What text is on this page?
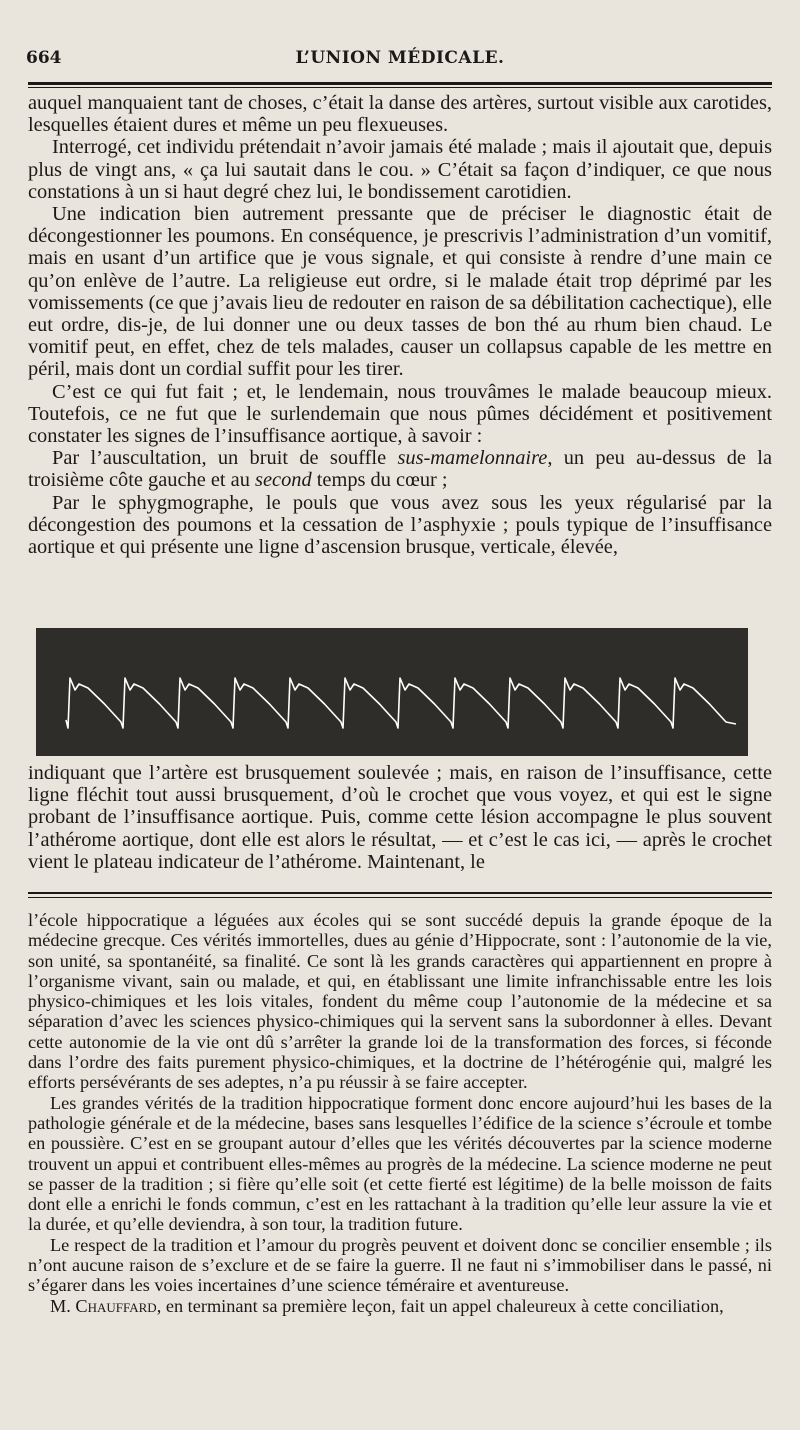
664	L’UNION MÉDICALE.

auquel manquaient tant de choses, c’était la danse des artères, surtout visible aux carotides, lesquelles étaient dures et même un peu flexueuses.

Interrogé, cet individu prétendait n’avoir jamais été malade ; mais il ajoutait que, depuis plus de vingt ans, « ça lui sautait dans le cou. » C’était sa façon d’indiquer, ce que nous constations à un si haut degré chez lui, le bondissement carotidien.

Une indication bien autrement pressante que de préciser le diagnostic était de décongestionner les poumons. En conséquence, je prescrivis l’administration d’un vomitif, mais en usant d’un artifice que je vous signale, et qui consiste à rendre d’une main ce qu’on enlève de l’autre. La religieuse eut ordre, si le malade était trop déprimé par les vomissements (ce que j’avais lieu de redouter en raison de sa débilitation cachectique), elle eut ordre, dis-je, de lui donner une ou deux tasses de bon thé au rhum bien chaud. Le vomitif peut, en effet, chez de tels malades, causer un collapsus capable de les mettre en péril, mais dont un cordial suffit pour les tirer.

C’est ce qui fut fait ; et, le lendemain, nous trouvâmes le malade beaucoup mieux. Toutefois, ce ne fut que le surlendemain que nous pûmes décidément et positivement constater les signes de l’insuffisance aortique, à savoir :

Par l’auscultation, un bruit de souffle sus-mamelonnaire, un peu au-dessus de la troisième côte gauche et au second temps du cœur ;

Par le sphygmographe, le pouls que vous avez sous les yeux régularisé par la décongestion des poumons et la cessation de l’asphyxie ; pouls typique de l’insuffisance aortique et qui présente une ligne d’ascension brusque, verticale, élevée,

indiquant que l’artère est brusquement soulevée ; mais, en raison de l’insuffisance, cette ligne fléchit tout aussi brusquement, d’où le crochet que vous voyez, et qui est le signe probant de l’insuffisance aortique. Puis, comme cette lésion accompagne le plus souvent l’athérome aortique, dont elle est alors le résultat, — et c’est le cas ici, — après le crochet vient le plateau indicateur de l’athérome. Maintenant, le

l’école hippocratique a léguées aux écoles qui se sont succédé depuis la grande époque de la médecine grecque. Ces vérités immortelles, dues au génie d’Hippocrate, sont : l’autonomie de la vie, son unité, sa spontanéité, sa finalité. Ce sont là les grands caractères qui appartiennent en propre à l’organisme vivant, sain ou malade, et qui, en établissant une limite infranchissable entre les lois physico-chimiques et les lois vitales, fondent du même coup l’autonomie de la médecine et sa séparation d’avec les sciences physico-chimiques qui la servent sans la subordonner à elles. Devant cette autonomie de la vie ont dû s’arrêter la grande loi de la transformation des forces, si féconde dans l’ordre des faits purement physico-chimiques, et la doctrine de l’hétérogénie qui, malgré les efforts persévérants de ses adeptes, n’a pu réussir à se faire accepter.

Les grandes vérités de la tradition hippocratique forment donc encore aujourd’hui les bases de la pathologie générale et de la médecine, bases sans lesquelles l’édifice de la science s’écroule et tombe en poussière. C’est en se groupant autour d’elles que les vérités découvertes par la science moderne trouvent un appui et contribuent elles-mêmes au progrès de la médecine. La science moderne ne peut se passer de la tradition ; si fière qu’elle soit (et cette fierté est légitime) de la belle moisson de faits dont elle a enrichi le fonds commun, c’est en les rattachant à la tradition qu’elle leur assure la vie et la durée, et qu’elle deviendra, à son tour, la tradition future.

Le respect de la tradition et l’amour du progrès peuvent et doivent donc se concilier ensemble ; ils n’ont aucune raison de s’exclure et de se faire la guerre. Il ne faut ni s’immobiliser dans le passé, ni s’égarer dans les voies incertaines d’une science téméraire et aventureuse.

M. Chauffard, en terminant sa première leçon, fait un appel chaleureux à cette conciliation,
